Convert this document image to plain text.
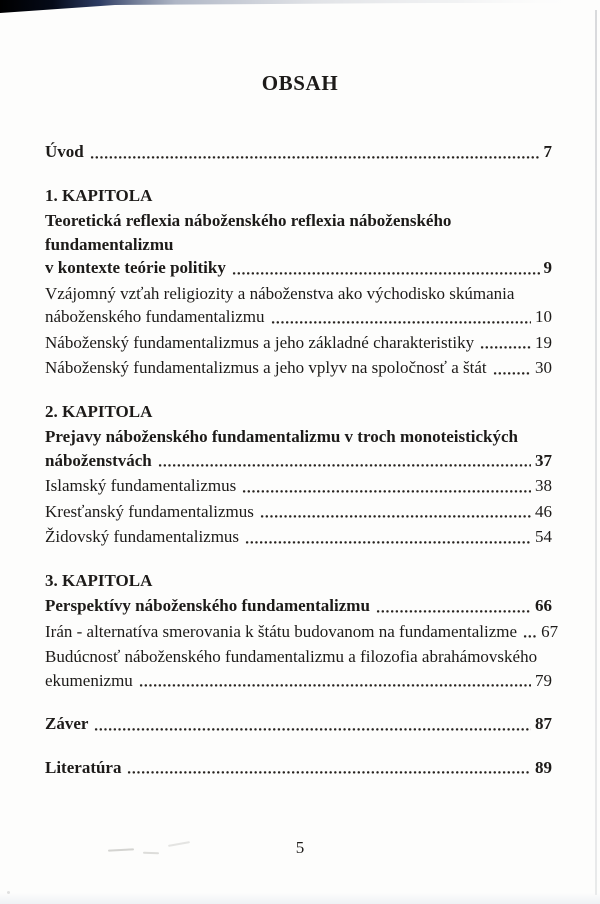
OBSAH
Úvod	7
1. KAPITOLA
Teoretická reflexia náboženského reflexia náboženského fundamentalizmu
v kontexte teórie politiky	9
Vzájomný vzťah religiozity a náboženstva ako východisko skúmania
náboženského fundamentalizmu	10
Náboženský fundamentalizmus a jeho základné charakteristiky	19
Náboženský fundamentalizmus a jeho vplyv na spoločnosť a štát	30
2. KAPITOLA
Prejavy náboženského fundamentalizmu v troch monoteistických
náboženstvách	37
Islamský fundamentalizmus	38
Kresťanský fundamentalizmus	46
Židovský fundamentalizmus	54
3. KAPITOLA
Perspektívy náboženského fundamentalizmu	66
Irán - alternatíva smerovania k štátu budovanom na fundamentalizme 67
Budúcnosť náboženského fundamentalizmu a filozofia abrahámovského
ekumenizmu	79
Záver	87
Literatúra	89
5
